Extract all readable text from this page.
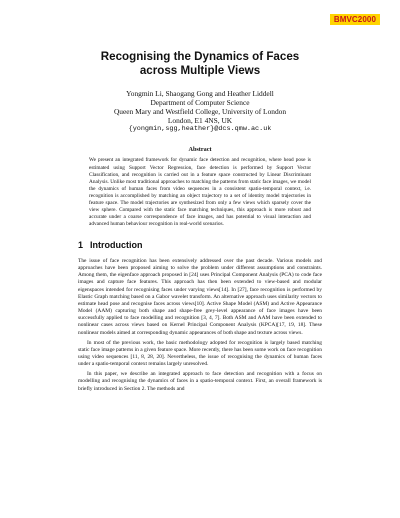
BMVC2000
Recognising the Dynamics of Faces across Multiple Views
Yongmin Li, Shaogang Gong and Heather Liddell
Department of Computer Science
Queen Mary and Westfield College, University of London
London, E1 4NS, UK
{yongmin,sgg,heather}@dcs.qmw.ac.uk
Abstract

We present an integrated framework for dynamic face detection and recognition, where head pose is estimated using Support Vector Regression, face detection is performed by Support Vector Classification, and recognition is carried out in a feature space constructed by Linear Discriminant Analysis. Unlike most traditional approaches to matching the patterns from static face images, we model the dynamics of human faces from video sequences in a consistent spatio-temporal context, i.e. recognition is accomplished by matching an object trajectory to a set of identity model trajectories in feature space. The model trajectories are synthesized from only a few views which sparsely cover the view sphere. Compared with the static face matching techniques, this approach is more robust and accurate under a coarse correspondence of face images, and has potential to visual interaction and advanced human behaviour recognition in real-world scenarios.

1 Introduction

The issue of face recognition has been extensively addressed over the past decade. Various models and approaches have been proposed aiming to solve the problem under different assumptions and constraints. Among them, the eigenface approach proposed in [24] uses Principal Component Analysis (PCA) to code face images and capture face features. This approach has then been extended to view-based and modular eigenspaces intended for recognising faces under varying views[14]. In [27], face recognition is performed by Elastic Graph matching based on a Gabor wavelet transform. An alternative approach uses similarity vectors to estimate head pose and recognise faces across views[10]. Active Shape Model (ASM) and Active Appearance Model (AAM) capturing both shape and shape-free grey-level appearance of face images have been successfully applied to face modelling and recognition [3, 4, 7]. Both ASM and AAM have been extended to nonlinear cases across views based on Kernel Principal Component Analysis (KPCA)[17, 19, 18]. These nonlinear models aimed at corresponding dynamic appearances of both shape and texture across views.

In most of the previous work, the basic methodology adopted for recognition is largely based matching static face image patterns in a given feature space. More recently, there has been some work on face recognition using video sequences [11, 8, 28, 20]. Nevertheless, the issue of recognising the dynamics of human faces under a spatio-temporal context remains largely unresolved.

In this paper, we describe an integrated approach to face detection and recognition with a focus on modelling and recognising the dynamics of faces in a spatio-temporal context. First, an overall framework is briefly introduced in Section 2. The methods and
